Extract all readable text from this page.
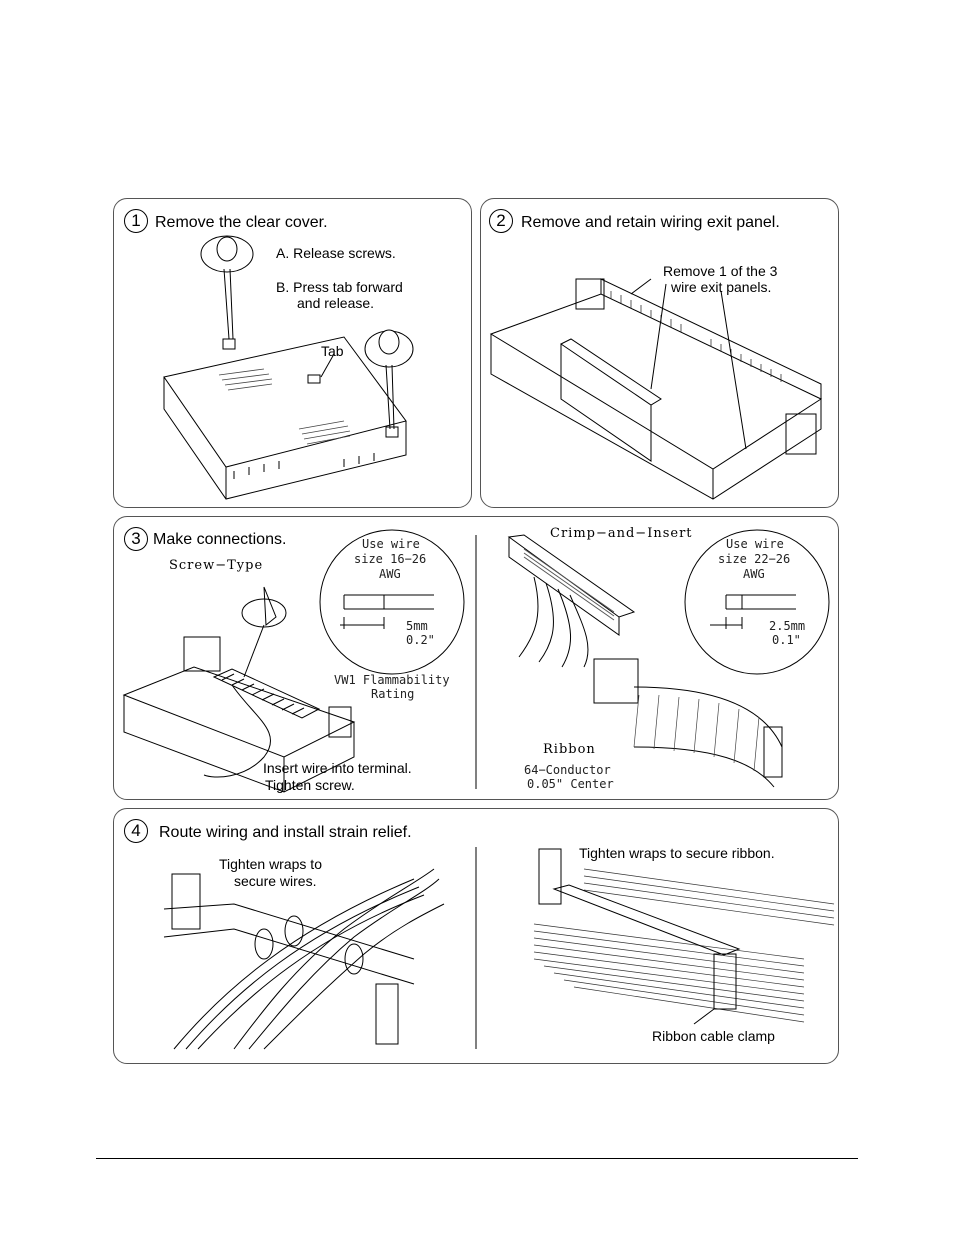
1 Remove the clear cover.
A. Release screws.
B. Press tab forward
and release.
Tab
2 Remove and retain wiring exit panel.
Remove 1 of the 3
wire exit panels.
3 Make connections.
Screw−Type
Use wire
size 16−26
AWG
5mm
0.2"
VW1 Flammability
Rating
Insert wire into terminal.
Tighten screw.
Crimp−and−Insert
Use wire
size 22−26
AWG
2.5mm
0.1"
Ribbon
64−Conductor
0.05" Center
4	Route wiring and install strain relief.
Tighten wraps to
secure wires.
Tighten wraps to secure ribbon.
Ribbon cable clamp
